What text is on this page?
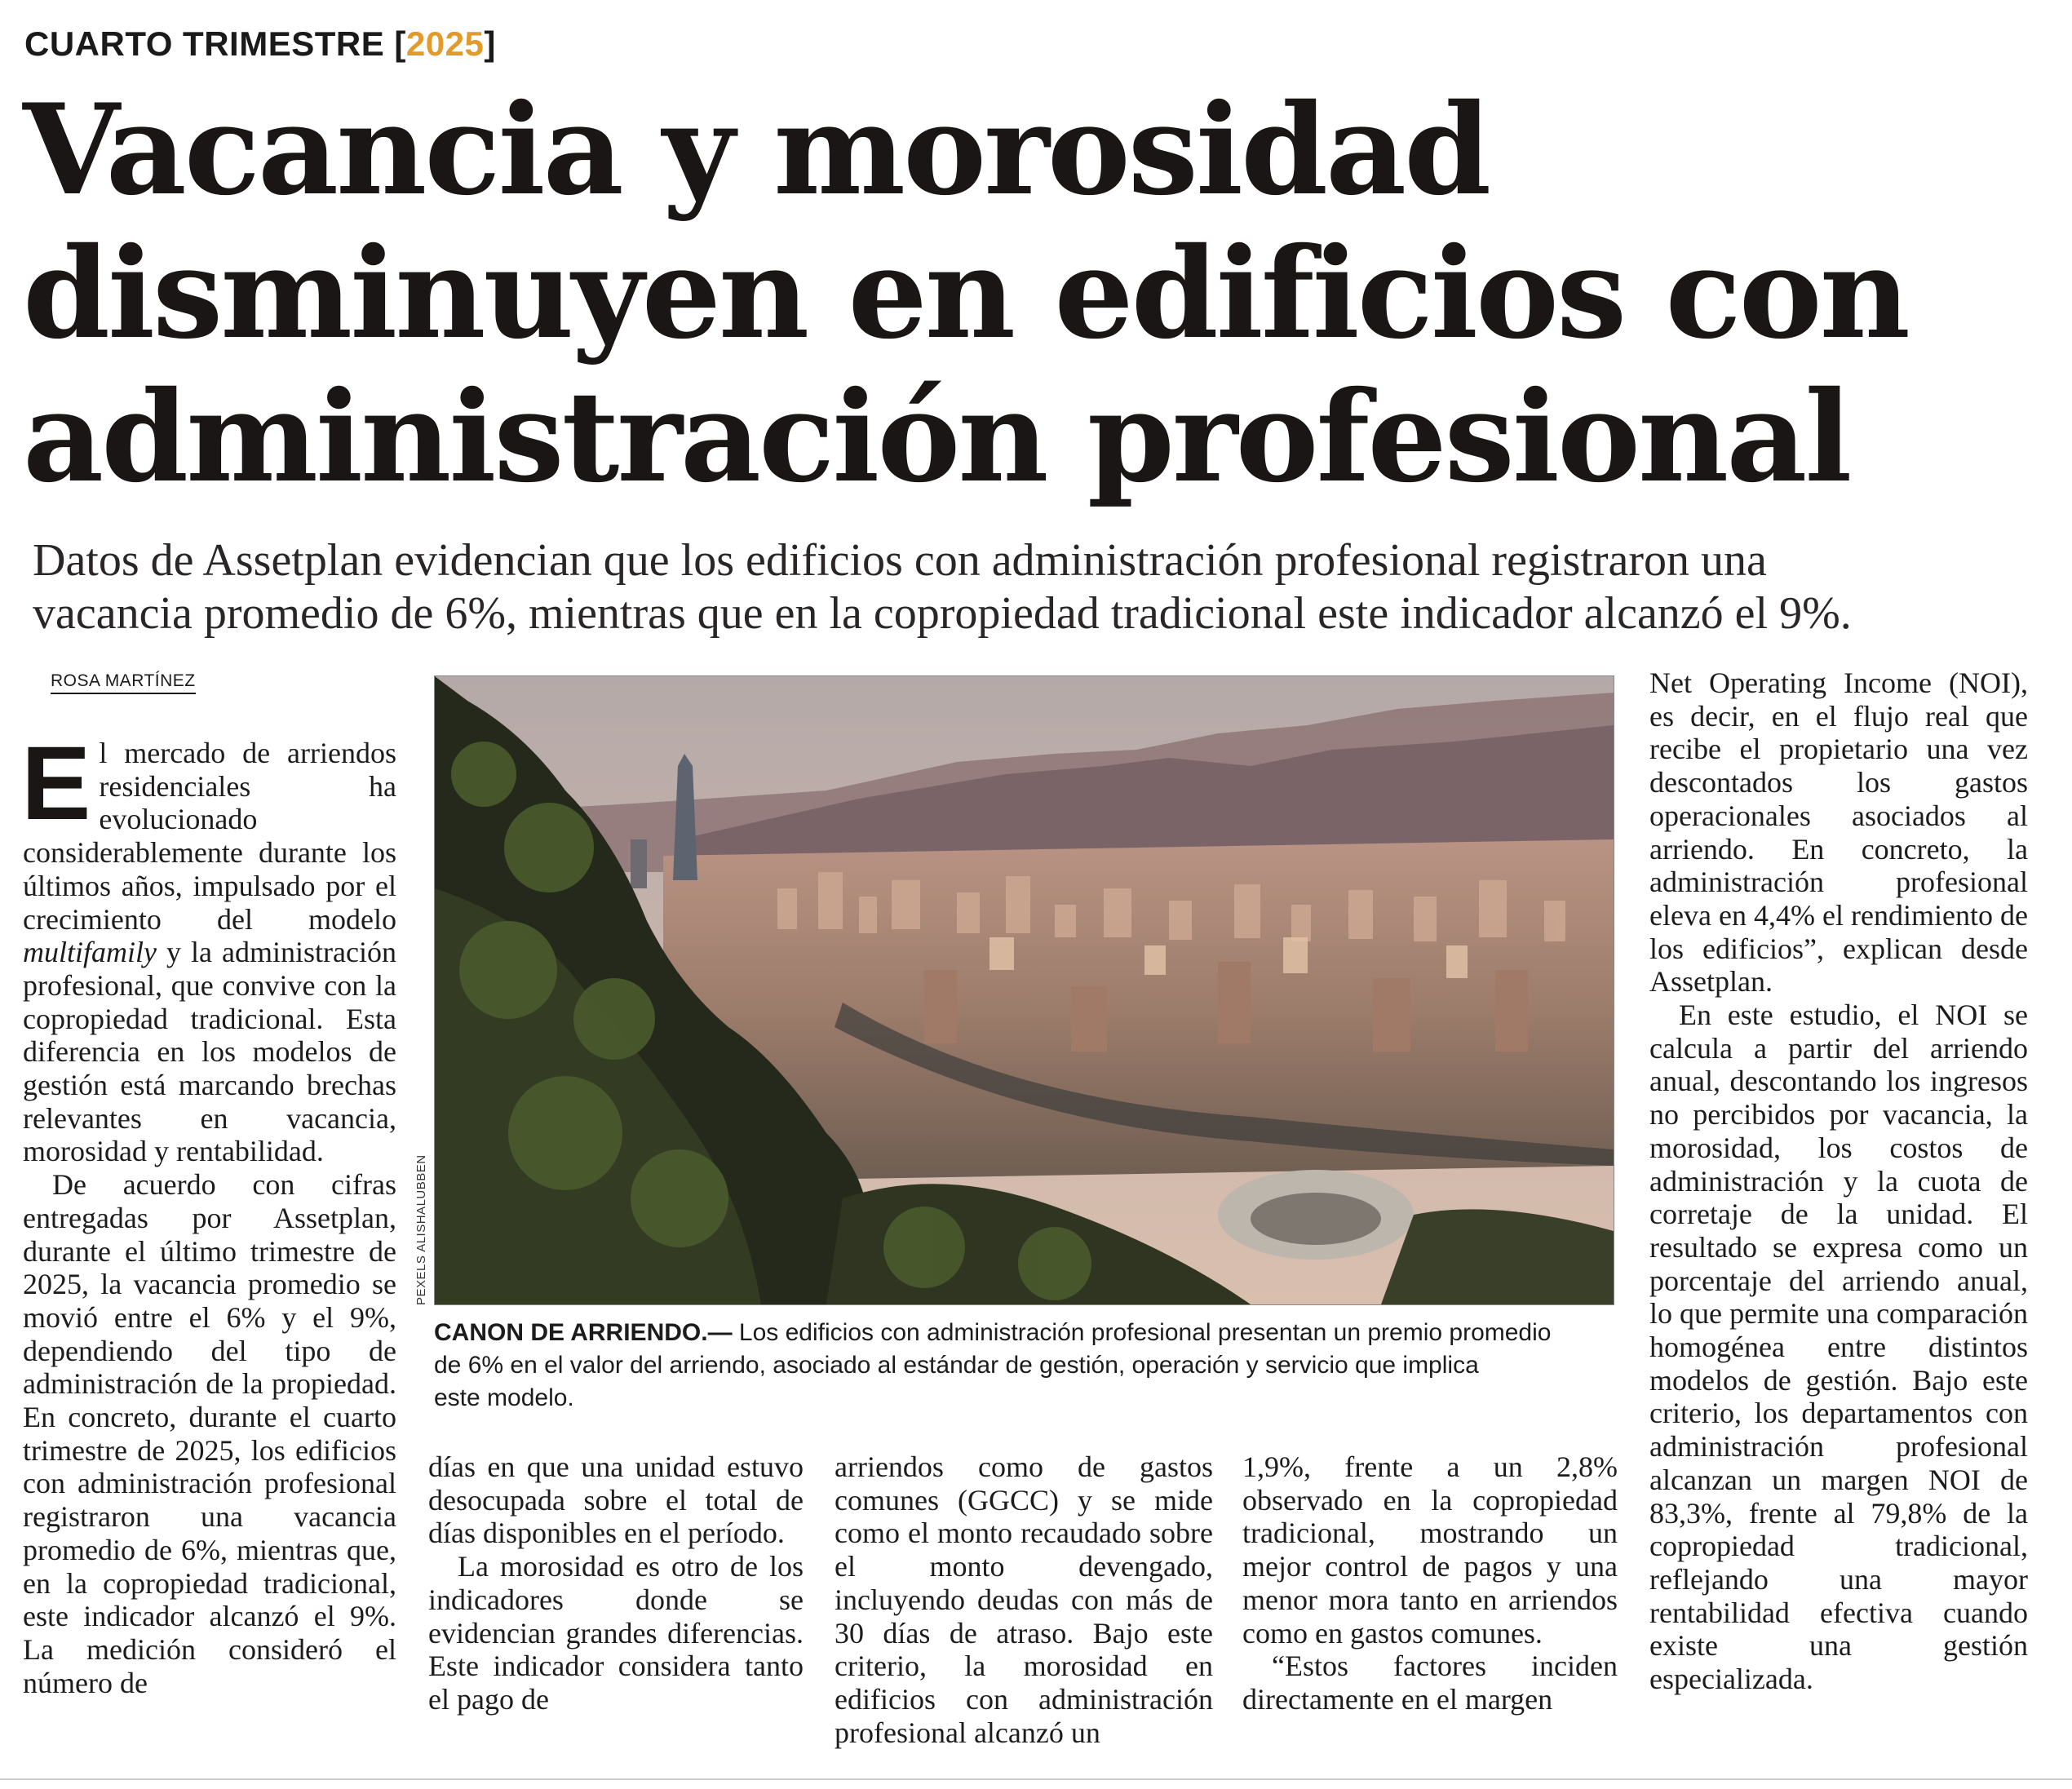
CUARTO TRIMESTRE [2025]
Vacancia y morosidad
disminuyen en edificios con
administración profesional
Datos de Assetplan evidencian que los edificios con administración profesional registraron una
vacancia promedio de 6%, mientras que en la copropiedad tradicional este indicador alcanzó el 9%.
ROSA MARTÍNEZ

El mercado de arriendos residenciales ha evolucionado considerablemente durante los últimos años, impulsado por el crecimiento del modelo multifamily y la administración profesional, que convive con la copropiedad tradicional. Esta diferencia en los modelos de gestión está marcando brechas relevantes en vacancia, morosidad y rentabilidad.

De acuerdo con cifras entregadas por Assetplan, durante el último trimestre de 2025, la vacancia promedio se movió entre el 6% y el 9%, dependiendo del tipo de administración de la propiedad. En concreto, durante el cuarto trimestre de 2025, los edificios con administración profesional registraron una vacancia promedio de 6%, mientras que, en la copropiedad tradicional, este indicador alcanzó el 9%. La medición consideró el número de

PEXELS ALISHALUBBEN
CANON DE ARRIENDO.— Los edificios con administración profesional presentan un premio promedio
de 6% en el valor del arriendo, asociado al estándar de gestión, operación y servicio que implica
este modelo.

días en que una unidad estuvo desocupada sobre el total de días disponibles en el período.

La morosidad es otro de los indicadores donde se evidencian grandes diferencias. Este indicador considera tanto el pago de

arriendos como de gastos comunes (GGCC) y se mide como el monto recaudado sobre el monto devengado, incluyendo deudas con más de 30 días de atraso. Bajo este criterio, la morosidad en edificios con administración profesional alcanzó un

1,9%, frente a un 2,8% observado en la copropiedad tradicional, mostrando un mejor control de pagos y una menor mora tanto en arriendos como en gastos comunes.

“Estos factores inciden directamente en el margen

Net Operating Income (NOI), es decir, en el flujo real que recibe el propietario una vez descontados los gastos operacionales asociados al arriendo. En concreto, la administración profesional eleva en 4,4% el rendimiento de los edificios”, explican desde Assetplan.

En este estudio, el NOI se calcula a partir del arriendo anual, descontando los ingresos no percibidos por vacancia, la morosidad, los costos de administración y la cuota de corretaje de la unidad. El resultado se expresa como un porcentaje del arriendo anual, lo que permite una comparación homogénea entre distintos modelos de gestión. Bajo este criterio, los departamentos con administración profesional alcanzan un margen NOI de 83,3%, frente al 79,8% de la copropiedad tradicional, reflejando una mayor rentabilidad efectiva cuando existe una gestión especializada.
